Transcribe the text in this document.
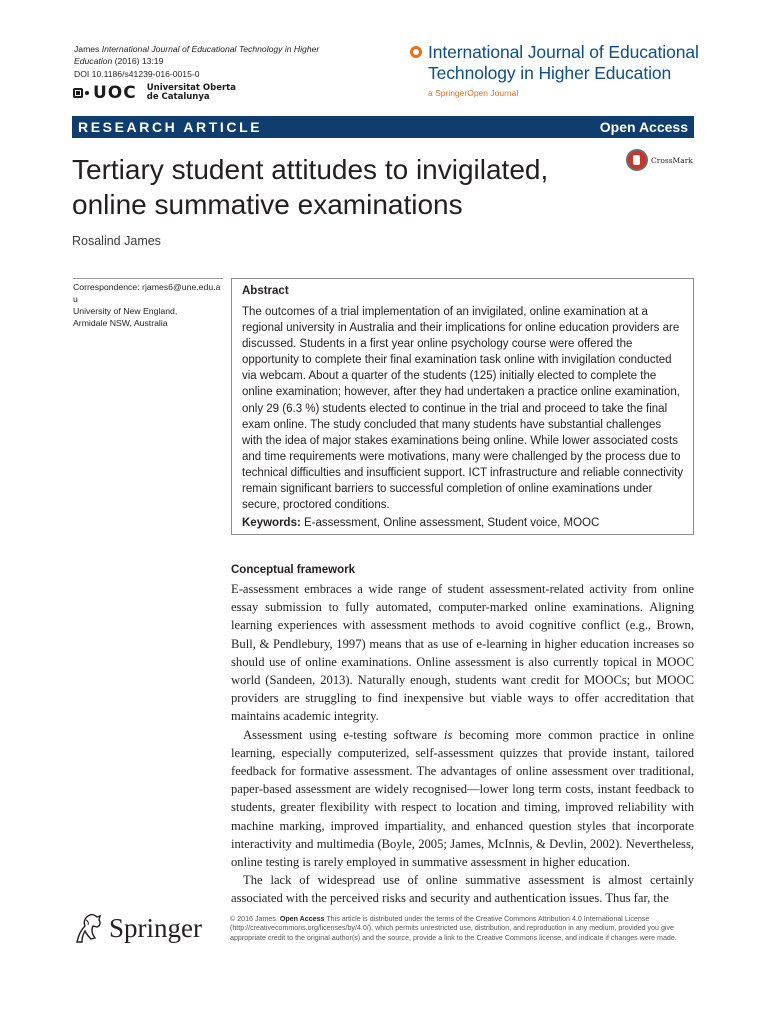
James International Journal of Educational Technology in Higher Education (2016) 13:19
DOI 10.1186/s41239-016-0015-0
UOC Universitat Oberta
de Catalunya
International Journal of Educational
Technology in Higher Education
a SpringerOpen Journal
RESEARCH ARTICLE	Open Access
Tertiary student attitudes to invigilated,
online summative examinations
CrossMark
Rosalind James
Correspondence: rjames6@une.edu.au
University of New England,
Armidale NSW, Australia
Abstract
The outcomes of a trial implementation of an invigilated, online examination at a regional university in Australia and their implications for online education providers are discussed. Students in a first year online psychology course were offered the opportunity to complete their final examination task online with invigilation conducted via webcam. About a quarter of the students (125) initially elected to complete the online examination; however, after they had undertaken a practice online examination, only 29 (6.3 %) students elected to continue in the trial and proceed to take the final exam online. The study concluded that many students have substantial challenges with the idea of major stakes examinations being online. While lower associated costs and time requirements were motivations, many were challenged by the process due to technical difficulties and insufficient support. ICT infrastructure and reliable connectivity remain significant barriers to successful completion of online examinations under secure, proctored conditions.
Keywords: E-assessment, Online assessment, Student voice, MOOC
Conceptual framework

E-assessment embraces a wide range of student assessment-related activity from online essay submission to fully automated, computer-marked online examinations. Aligning learning experiences with assessment methods to avoid cognitive conflict (e.g., Brown, Bull, & Pendlebury, 1997) means that as use of e-learning in higher education increases so should use of online examinations. Online assessment is also currently topical in MOOC world (Sandeen, 2013). Naturally enough, students want credit for MOOCs; but MOOC providers are struggling to find inexpensive but viable ways to offer accreditation that maintains academic integrity.

Assessment using e-testing software is becoming more common practice in online learning, especially computerized, self-assessment quizzes that provide instant, tailored feedback for formative assessment. The advantages of online assessment over traditional, paper-based assessment are widely recognised—lower long term costs, instant feedback to students, greater flexibility with respect to location and timing, improved reliability with machine marking, improved impartiality, and enhanced question styles that incorporate interactivity and multimedia (Boyle, 2005; James, McInnis, & Devlin, 2002). Nevertheless, online testing is rarely employed in summative assessment in higher education.

The lack of widespread use of online summative assessment is almost certainly associated with the perceived risks and security and authentication issues. Thus far, the

Springer	© 2016 James. Open Access This article is distributed under the terms of the Creative Commons Attribution 4.0 International License (http://creativecommons.org/licenses/by/4.0/), which permits unrestricted use, distribution, and reproduction in any medium, provided you give appropriate credit to the original author(s) and the source, provide a link to the Creative Commons license, and indicate if changes were made.
